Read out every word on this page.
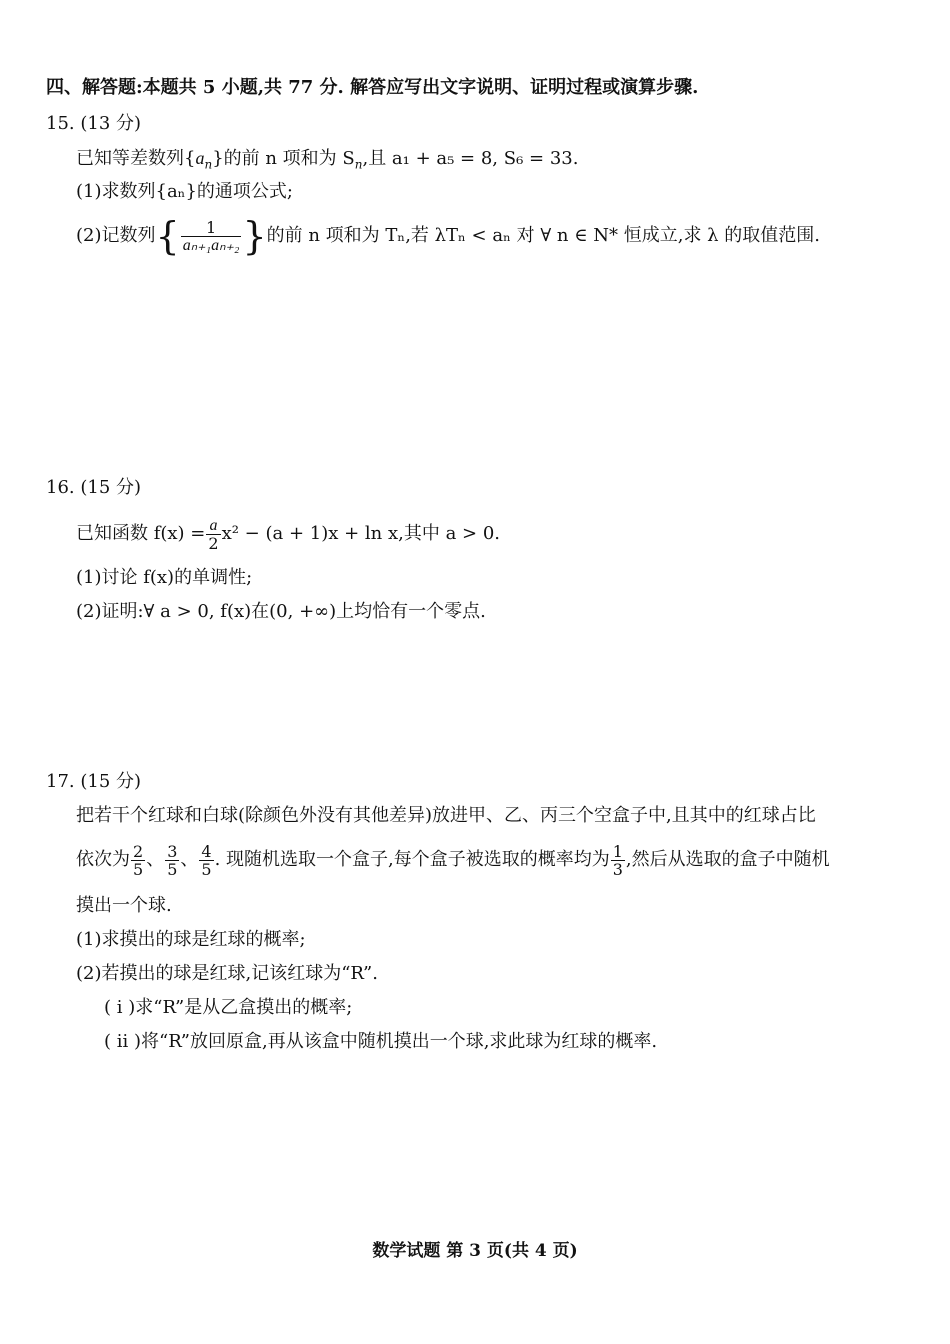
四、解答题:本题共 5 小题,共 77 分. 解答应写出文字说明、证明过程或演算步骤.
15. (13 分)
已知等差数列$\{a_n\}$的前 n 项和为 $S_n$,且 a₁ + a₅ = 8, S₆ = 33.
(1)求数列{aₙ}的通项公式;
(2)记数列{ $\frac{1}{\text{aₙ₊₁aₙ₊₂}}$ }的前 n 项和为 Tₙ,若 λTₙ < aₙ 对 ∀ n ∈ N* 恒成立,求 λ 的取值范围.
16. (15 分)
已知函数 $f(x) = \frac{a}{2} x^2 - (a + 1)x + \ln x$,其中 a > 0.
(1)讨论 f(x)的单调性;
(2)证明:∀ a > 0, f(x)在(0, +∞)上均恰有一个零点.
17. (15 分)
把若干个红球和白球(除颜色外没有其他差异)放进甲、乙、丙三个空盒子中,且其中的红球占比
依次为 $\frac{2}{5}$ 、 $\frac{3}{5}$ 、 $\frac{4}{5}$ . 现随机选取一个盒子,每个盒子被选取的概率均为 $\frac{1}{3}$ ,然后从选取的盒子中随机
摸出一个球.
(1)求摸出的球是红球的概率;
(2)若摸出的球是红球,记该红球为“R”.
( i )求“R”是从乙盒摸出的概率;
( ii )将“R”放回原盒,再从该盒中随机摸出一个球,求此球为红球的概率.
数学试题 第 3 页(共 4 页)
